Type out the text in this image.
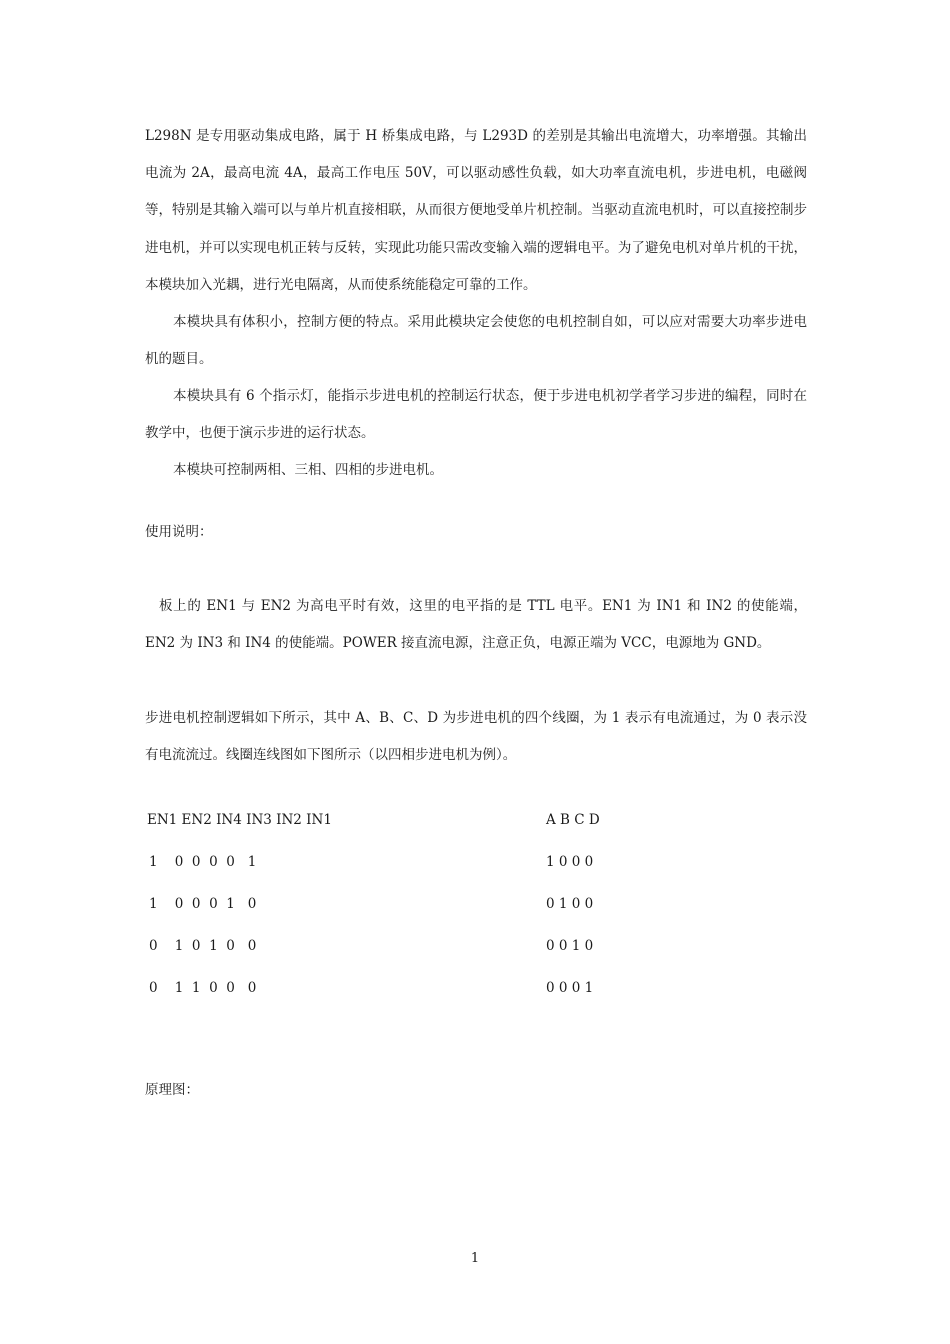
L298N 是专用驱动集成电路，属于 H 桥集成电路，与 L293D 的差别是其输出电流增大，功率增强。其输出电流为 2A，最高电流 4A，最高工作电压 50V，可以驱动感性负载，如大功率直流电机，步进电机，电磁阀等，特别是其输入端可以与单片机直接相联，从而很方便地受单片机控制。当驱动直流电机时，可以直接控制步进电机，并可以实现电机正转与反转，实现此功能只需改变输入端的逻辑电平。为了避免电机对单片机的干扰，本模块加入光耦，进行光电隔离，从而使系统能稳定可靠的工作。

本模块具有体积小，控制方便的特点。采用此模块定会使您的电机控制自如，可以应对需要大功率步进电机的题目。

本模块具有 6 个指示灯，能指示步进电机的控制运行状态，便于步进电机初学者学习步进的编程，同时在教学中，也便于演示步进的运行状态。

本模块可控制两相、三相、四相的步进电机。

使用说明：

板上的 EN1 与 EN2 为高电平时有效，这里的电平指的是 TTL 电平。EN1 为 IN1 和 IN2 的使能端，EN2 为 IN3 和 IN4 的使能端。POWER 接直流电源，注意正负，电源正端为 VCC，电源地为 GND。

步进电机控制逻辑如下所示，其中 A、B、C、D 为步进电机的四个线圈，为 1 表示有电流通过，为 0 表示没有电流流过。线圈连线图如下图所示（以四相步进电机为例）。

EN1 EN2 IN4 IN3 IN2 IN1	A B C D
1    0  0  0  0   1	1 0 0 0
1    0  0  0  1   0	0 1 0 0
0    1  0  1  0   0	0 0 1 0
0    1  1  0  0   0	0 0 0 1
原理图：
1
